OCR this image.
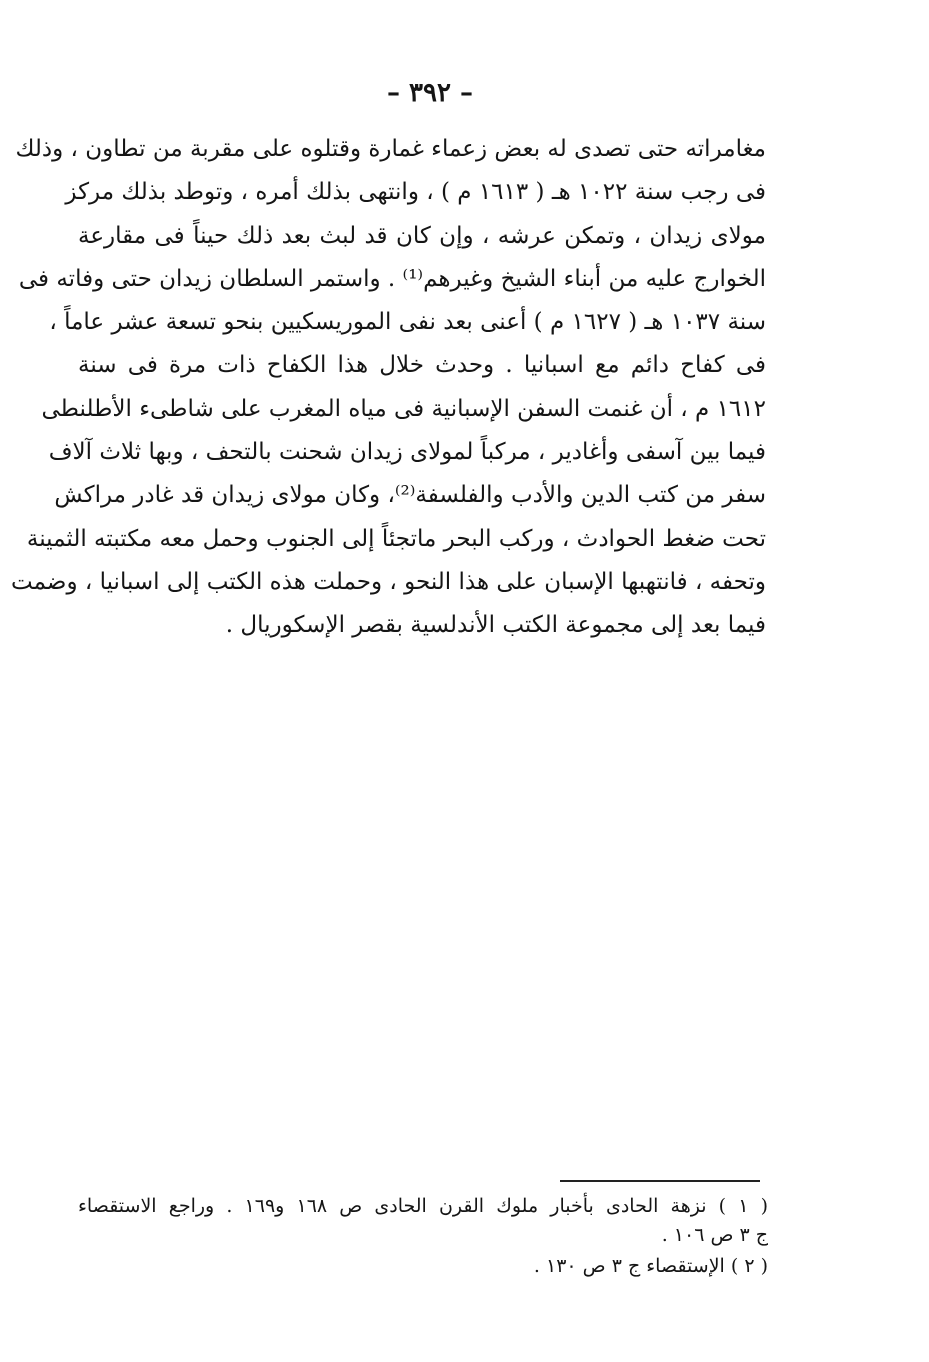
– ٣٩٢ –
مغامراته حتى تصدى له بعض زعماء غمارة وقتلوه على مقربة من تطاون ، وذلك
فى رجب سنة ١٠٢٢ هـ ( ١٦١٣ م ) ، وانتهى بذلك أمره ، وتوطد بذلك مركز
مولاى زيدان ، وتمكن عرشه ، وإن كان قد لبث بعد ذلك حيناً فى مقارعة
الخوارج عليه من أبناء الشيخ وغيرهم⁽¹⁾ . واستمر السلطان زيدان حتى وفاته فى
سنة ١٠٣٧ هـ ( ١٦٢٧ م ) أعنى بعد نفى الموريسكيين بنحو تسعة عشر عاماً ،
فى كفاح دائم مع اسبانيا . وحدث خلال هذا الكفاح ذات مرة فى سنة
١٦١٢ م ، أن غنمت السفن الإسبانية فى مياه المغرب على شاطىء الأطلنطى
فيما بين آسفى وأغادير ، مركباً لمولاى زيدان شحنت بالتحف ، وبها ثلاث آلاف
سفر من كتب الدين والأدب والفلسفة⁽²⁾، وكان مولاى زيدان قد غادر مراكش
تحت ضغط الحوادث ، وركب البحر ماتجئاً إلى الجنوب وحمل معه مكتبته الثمينة
وتحفه ، فانتهبها الإسبان على هذا النحو ، وحملت هذه الكتب إلى اسبانيا ، وضمت
فيما بعد إلى مجموعة الكتب الأندلسية بقصر الإسكوريال .
( ١ ) نزهة الحادى بأخبار ملوك القرن الحادى ص ١٦٨ و١٦٩ . وراجع الاستقصاء
ج ٣ ص ١٠٦ .
( ٢ ) الإستقصاء ج ٣ ص ١٣٠ .
